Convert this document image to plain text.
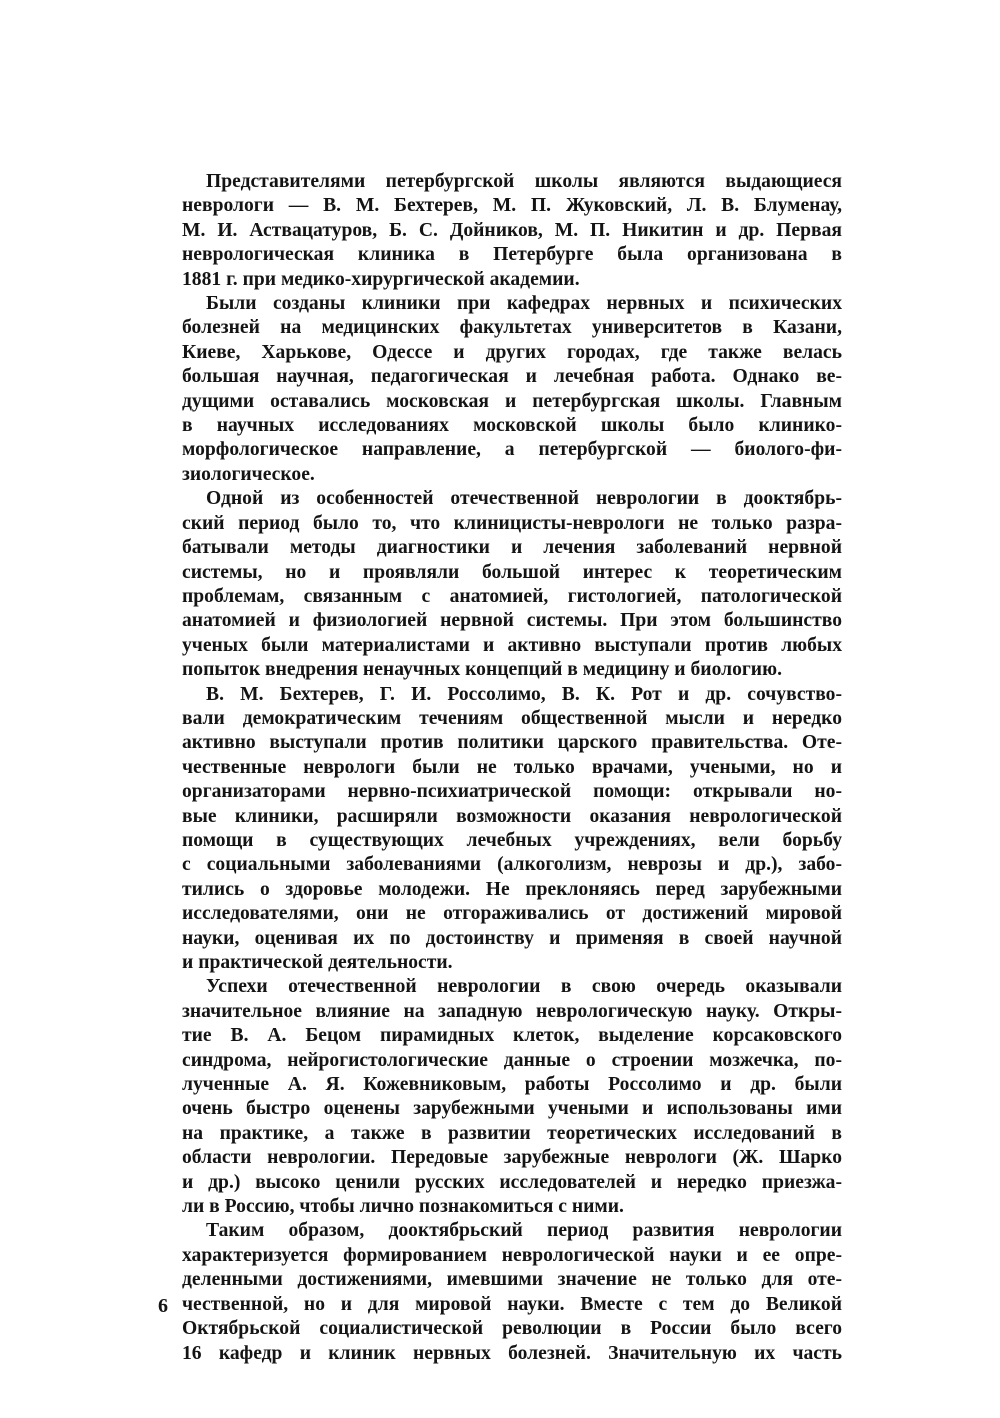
Представителями петербургской школы являются выдающиеся
неврологи — В. М. Бехтерев, М. П. Жуковский, Л. В. Блуменау,
М. И. Аствацатуров, Б. С. Дойников, М. П. Никитин и др. Первая
неврологическая клиника в Петербурге была организована в
1881 г. при медико-хирургической академии.
Были созданы клиники при кафедрах нервных и психических
болезней на медицинских факультетах университетов в Казани,
Киеве, Харькове, Одессе и других городах, где также велась
большая научная, педагогическая и лечебная работа. Однако ве-
дущими оставались московская и петербургская школы. Главным
в научных исследованиях московской школы было клинико-
морфологическое направление, а петербургской — биолого-фи-
зиологическое.
Одной из особенностей отечественной неврологии в дооктябрь-
ский период было то, что клиницисты-неврологи не только разра-
батывали методы диагностики и лечения заболеваний нервной
системы, но и проявляли большой интерес к теоретическим
проблемам, связанным с анатомией, гистологией, патологической
анатомией и физиологией нервной системы. При этом большинство
ученых были материалистами и активно выступали против любых
попыток внедрения ненаучных концепций в медицину и биологию.
В. М. Бехтерев, Г. И. Россолимо, В. К. Рот и др. сочувство-
вали демократическим течениям общественной мысли и нередко
активно выступали против политики царского правительства. Оте-
чественные неврологи были не только врачами, учеными, но и
организаторами нервно-психиатрической помощи: открывали но-
вые клиники, расширяли возможности оказания неврологической
помощи в существующих лечебных учреждениях, вели борьбу
с социальными заболеваниями (алкоголизм, неврозы и др.), забо-
тились о здоровье молодежи. Не преклоняясь перед зарубежными
исследователями, они не отгораживались от достижений мировой
науки, оценивая их по достоинству и применяя в своей научной
и практической деятельности.
Успехи отечественной неврологии в свою очередь оказывали
значительное влияние на западную неврологическую науку. Откры-
тие В. А. Бецом пирамидных клеток, выделение корсаковского
синдрома, нейрогистологические данные о строении мозжечка, по-
лученные А. Я. Кожевниковым, работы Россолимо и др. были
очень быстро оценены зарубежными учеными и использованы ими
на практике, а также в развитии теоретических исследований в
области неврологии. Передовые зарубежные неврологи (Ж. Шарко
и др.) высоко ценили русских исследователей и нередко приезжа-
ли в Россию, чтобы лично познакомиться с ними.
Таким образом, дооктябрьский период развития неврологии
характеризуется формированием неврологической науки и ее опре-
деленными достижениями, имевшими значение не только для оте-
чественной, но и для мировой науки. Вместе с тем до Великой
Октябрьской социалистической революции в России было всего
16 кафедр и клиник нервных болезней. Значительную их часть
6
